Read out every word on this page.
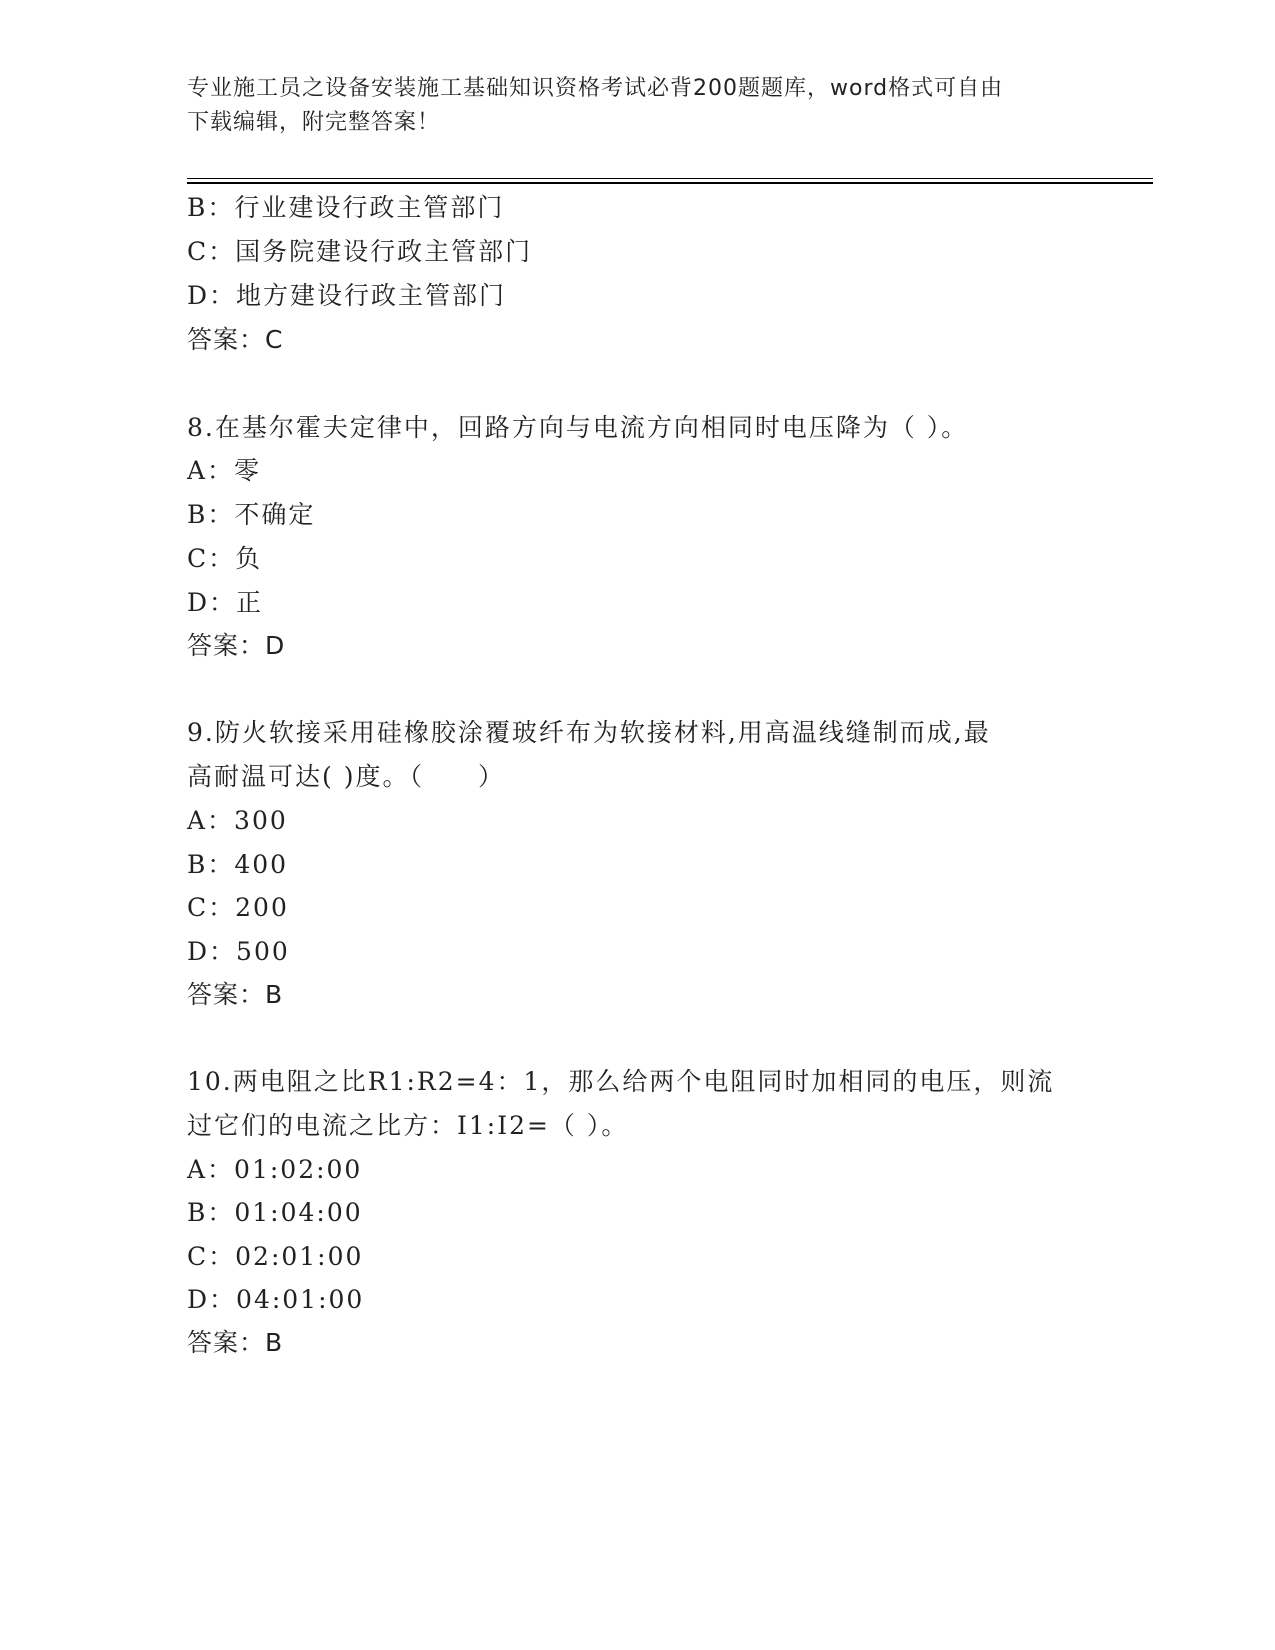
专业施工员之设备安装施工基础知识资格考试必背200题题库，word格式可自由
下载编辑，附完整答案！
B：行业建设行政主管部门
C：国务院建设行政主管部门
D：地方建设行政主管部门
答案：C
8.在基尔霍夫定律中，回路方向与电流方向相同时电压降为（ ）。
A：零
B：不确定
C：负
D：正
答案：D
9.防火软接采用硅橡胶涂覆玻纤布为软接材料,用高温线缝制而成,最
高耐温可达( )度。（　　）
A：300
B：400
C：200
D：500
答案：B
10.两电阻之比R1:R2=4：1，那么给两个电阻同时加相同的电压，则流
过它们的电流之比方：I1:I2=（ ）。
A：01:02:00
B：01:04:00
C：02:01:00
D：04:01:00
答案：B
